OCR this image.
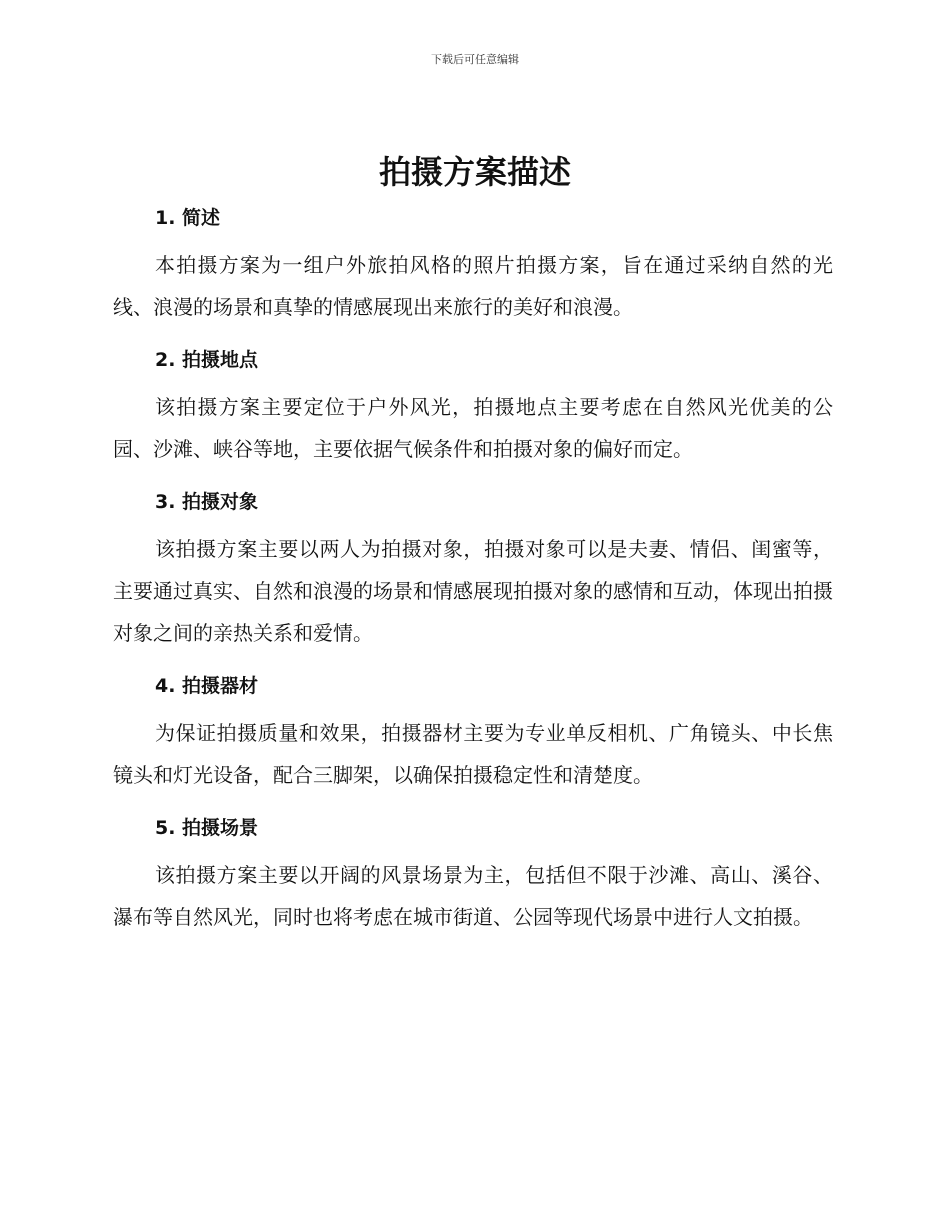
下载后可任意编辑
拍摄方案描述
1. 简述

本拍摄方案为一组户外旅拍风格的照片拍摄方案，旨在通过采纳自然的光线、浪漫的场景和真挚的情感展现出来旅行的美好和浪漫。

2. 拍摄地点

该拍摄方案主要定位于户外风光，拍摄地点主要考虑在自然风光优美的公园、沙滩、峡谷等地，主要依据气候条件和拍摄对象的偏好而定。

3. 拍摄对象

该拍摄方案主要以两人为拍摄对象，拍摄对象可以是夫妻、情侣、闺蜜等，主要通过真实、自然和浪漫的场景和情感展现拍摄对象的感情和互动，体现出拍摄对象之间的亲热关系和爱情。

4. 拍摄器材

为保证拍摄质量和效果，拍摄器材主要为专业单反相机、广角镜头、中长焦镜头和灯光设备，配合三脚架，以确保拍摄稳定性和清楚度。

5. 拍摄场景

该拍摄方案主要以开阔的风景场景为主，包括但不限于沙滩、高山、溪谷、瀑布等自然风光，同时也将考虑在城市街道、公园等现代场景中进行人文拍摄。
